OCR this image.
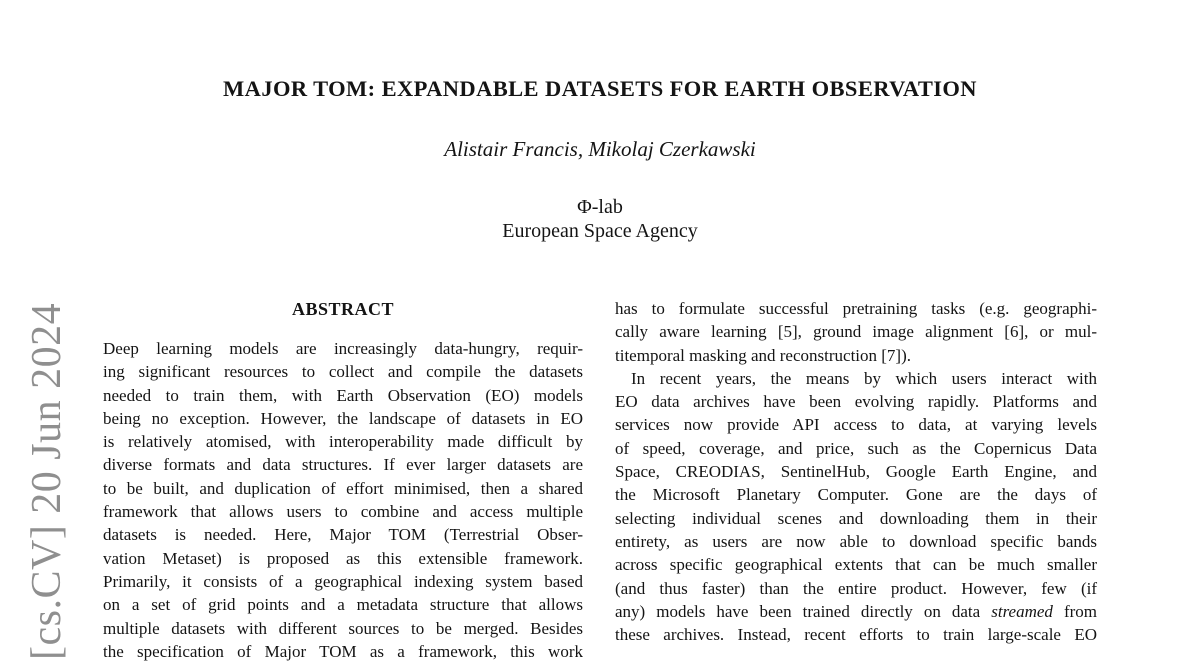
[cs.CV] 20 Jun 2024
MAJOR TOM: EXPANDABLE DATASETS FOR EARTH OBSERVATION
Alistair Francis, Mikolaj Czerkawski
Φ-lab
European Space Agency
ABSTRACT
Deep learning models are increasingly data-hungry, requir-
ing significant resources to collect and compile the datasets
needed to train them, with Earth Observation (EO) models
being no exception. However, the landscape of datasets in EO
is relatively atomised, with interoperability made difficult by
diverse formats and data structures. If ever larger datasets are
to be built, and duplication of effort minimised, then a shared
framework that allows users to combine and access multiple
datasets is needed. Here, Major TOM (Terrestrial Obser-
vation Metaset) is proposed as this extensible framework.
Primarily, it consists of a geographical indexing system based
on a set of grid points and a metadata structure that allows
multiple datasets with different sources to be merged. Besides
the specification of Major TOM as a framework, this work
has to formulate successful pretraining tasks (e.g. geographi-
cally aware learning [5], ground image alignment [6], or mul-
titemporal masking and reconstruction [7]).
In recent years, the means by which users interact with
EO data archives have been evolving rapidly. Platforms and
services now provide API access to data, at varying levels
of speed, coverage, and price, such as the Copernicus Data
Space, CREODIAS, SentinelHub, Google Earth Engine, and
the Microsoft Planetary Computer. Gone are the days of
selecting individual scenes and downloading them in their
entirety, as users are now able to download specific bands
across specific geographical extents that can be much smaller
(and thus faster) than the entire product. However, few (if
any) models have been trained directly on data streamed from
these archives. Instead, recent efforts to train large-scale EO
